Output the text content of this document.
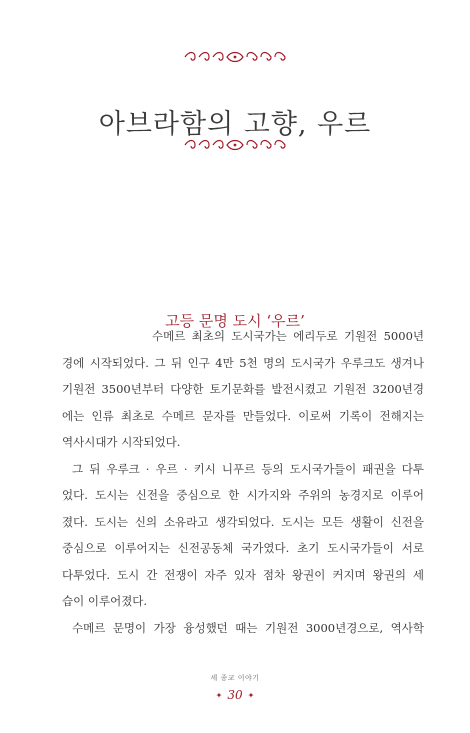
아브라함의 고향, 우르
고등 문명 도시 ‘우르’
수메르 최초의 도시국가는 에리두로 기원전 5000년
경에 시작되었다. 그 뒤 인구 4만 5천 명의 도시국가 우루크도 생겨나
기원전 3500년부터 다양한 토기문화를 발전시켰고 기원전 3200년경
에는 인류 최초로 수메르 문자를 만들었다. 이로써 기록이 전해지는
역사시대가 시작되었다.
그 뒤 우루크 · 우르 · 키시 니푸르 등의 도시국가들이 패권을 다투
었다. 도시는 신전을 중심으로 한 시가지와 주위의 농경지로 이루어
졌다. 도시는 신의 소유라고 생각되었다. 도시는 모든 생활이 신전을
중심으로 이루어지는 신전공동체 국가였다. 초기 도시국가들이 서로
다투었다. 도시 간 전쟁이 자주 있자 점차 왕권이 커지며 왕권의 세
습이 이루어졌다.
수메르 문명이 가장 융성했던 때는 기원전 3000년경으로, 역사학
세 종교 이야기
✦ 30 ✦
